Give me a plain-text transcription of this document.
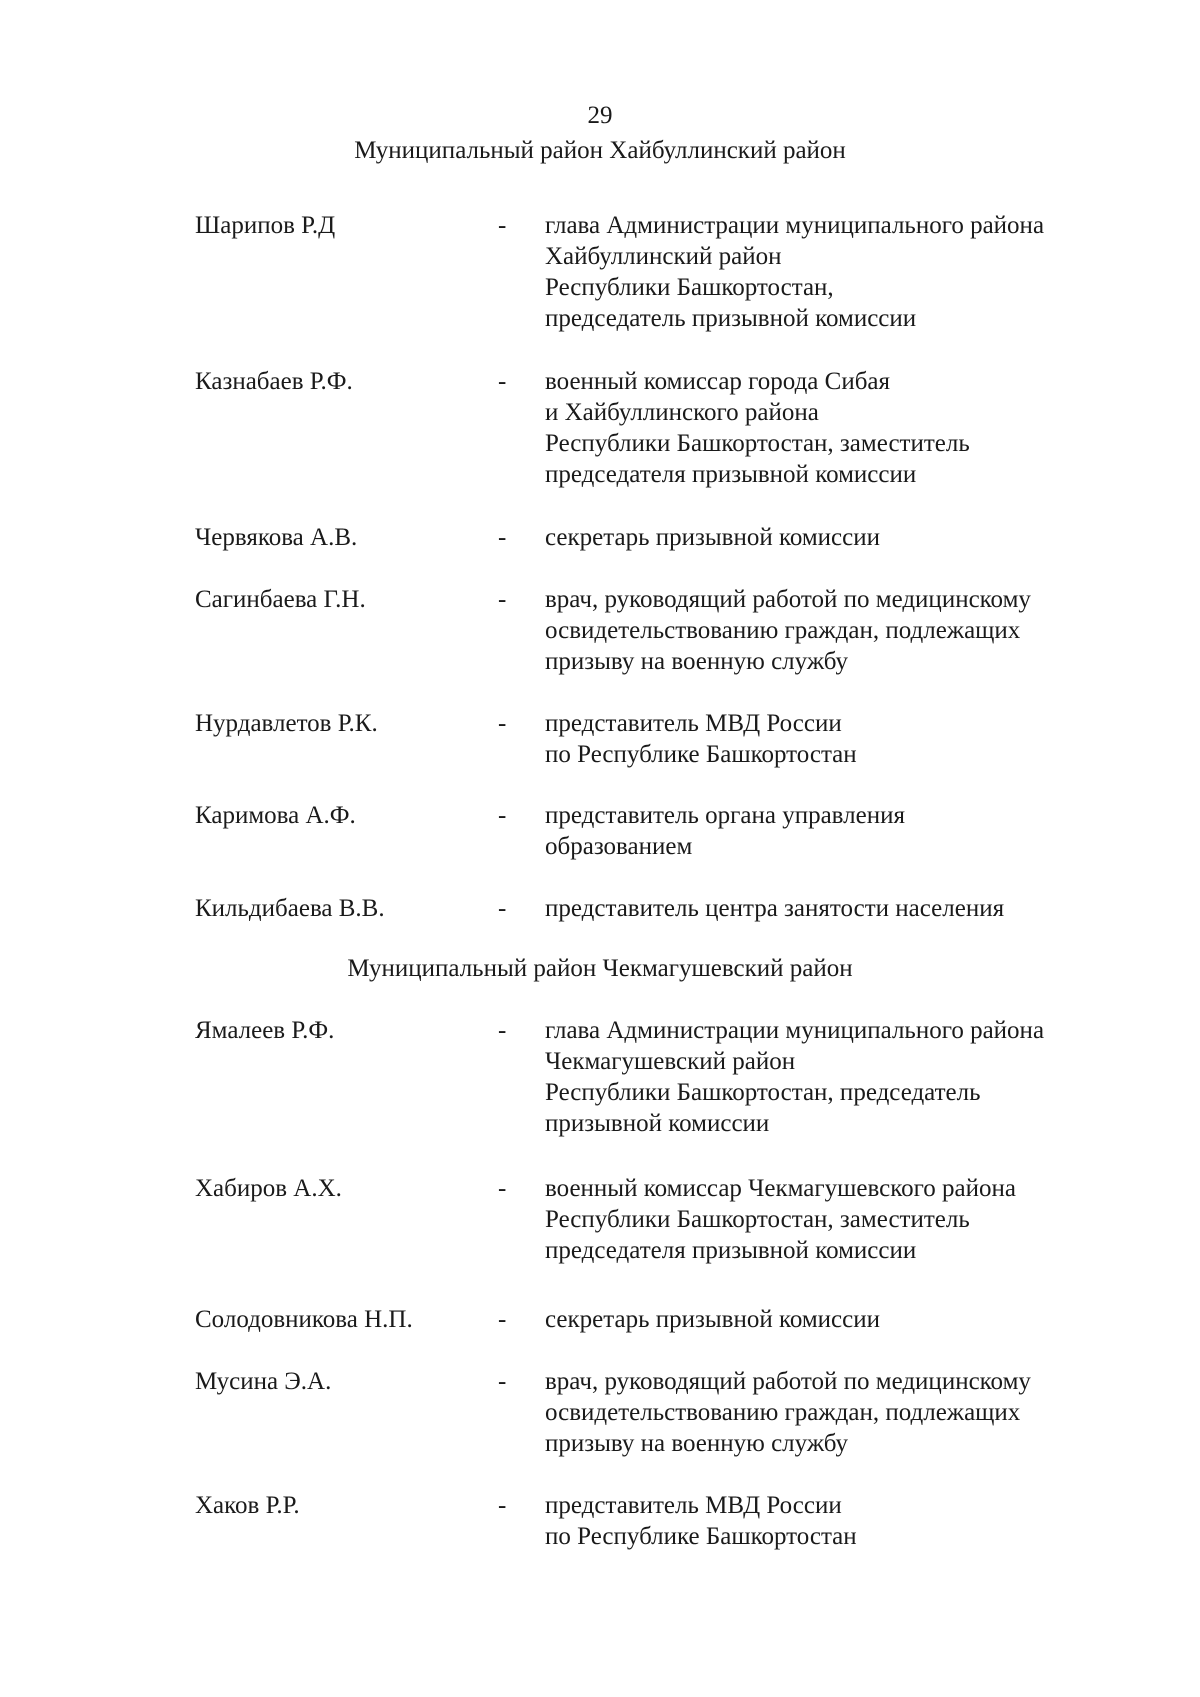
29
Муниципальный район Хайбуллинский район
Шарипов Р.Д	- глава Администрации муниципального района
Хайбуллинский район
Республики Башкортостан,
председатель призывной комиссии
Казнабаев Р.Ф.	- военный комиссар города Сибая
и Хайбуллинского района
Республики Башкортостан, заместитель
председателя призывной комиссии
Червякова А.В.	- секретарь призывной комиссии
Сагинбаева Г.Н.	- врач, руководящий работой по медицинскому
освидетельствованию граждан, подлежащих
призыву на военную службу
Нурдавлетов Р.К.	- представитель МВД России
по Республике Башкортостан
Каримова А.Ф.	- представитель органа управления
образованием
Кильдибаева В.В.	- представитель центра занятости населения
Муниципальный район Чекмагушевский район
Ямалеев Р.Ф.	- глава Администрации муниципального района
Чекмагушевский район
Республики Башкортостан, председатель
призывной комиссии
Хабиров А.Х.	- военный комиссар Чекмагушевского района
Республики Башкортостан, заместитель
председателя призывной комиссии
Солодовникова Н.П.	- секретарь призывной комиссии
Мусина Э.А.	- врач, руководящий работой по медицинскому
освидетельствованию граждан, подлежащих
призыву на военную службу
Хаков Р.Р.	- представитель МВД России
по Республике Башкортостан
